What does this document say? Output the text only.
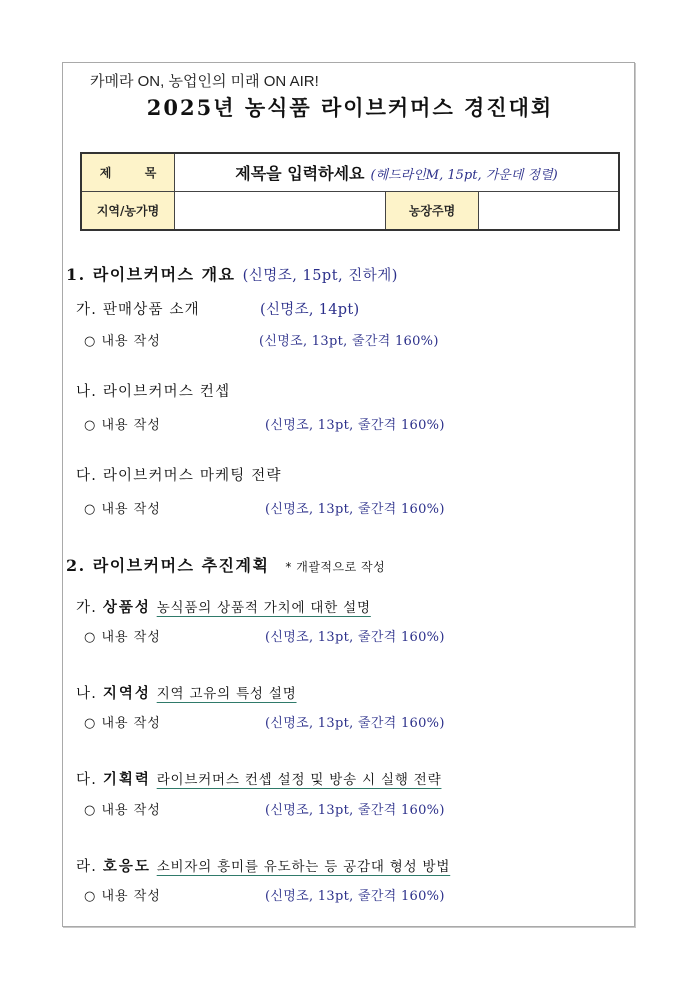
카메라 ON, 농업인의 미래 ON AIR!
2025년 농식품 라이브커머스 경진대회
제        목	제목을 입력하세요 (헤드라인M, 15pt, 가운데 정렬)		
지역/농가명		농장주명	
1. 라이브커머스 개요 (신명조, 15pt, 진하게)
가. 판매상품 소개	(신명조, 14pt)
○ 내용 작성	(신명조, 13pt, 줄간격 160%)
나. 라이브커머스 컨셉
○ 내용 작성	(신명조, 13pt, 줄간격 160%)
다. 라이브커머스 마케팅 전략
○ 내용 작성	(신명조, 13pt, 줄간격 160%)
2. 라이브커머스 추진계획 * 개괄적으로 작성
가. 상품성 농식품의 상품적 가치에 대한 설명
○ 내용 작성	(신명조, 13pt, 줄간격 160%)
나. 지역성 지역 고유의 특성 설명
○ 내용 작성	(신명조, 13pt, 줄간격 160%)
다. 기획력 라이브커머스 컨셉 설정 및 방송 시 실행 전략
○ 내용 작성	(신명조, 13pt, 줄간격 160%)
라. 호응도 소비자의 흥미를 유도하는 등 공감대 형성 방법
○ 내용 작성	(신명조, 13pt, 줄간격 160%)
